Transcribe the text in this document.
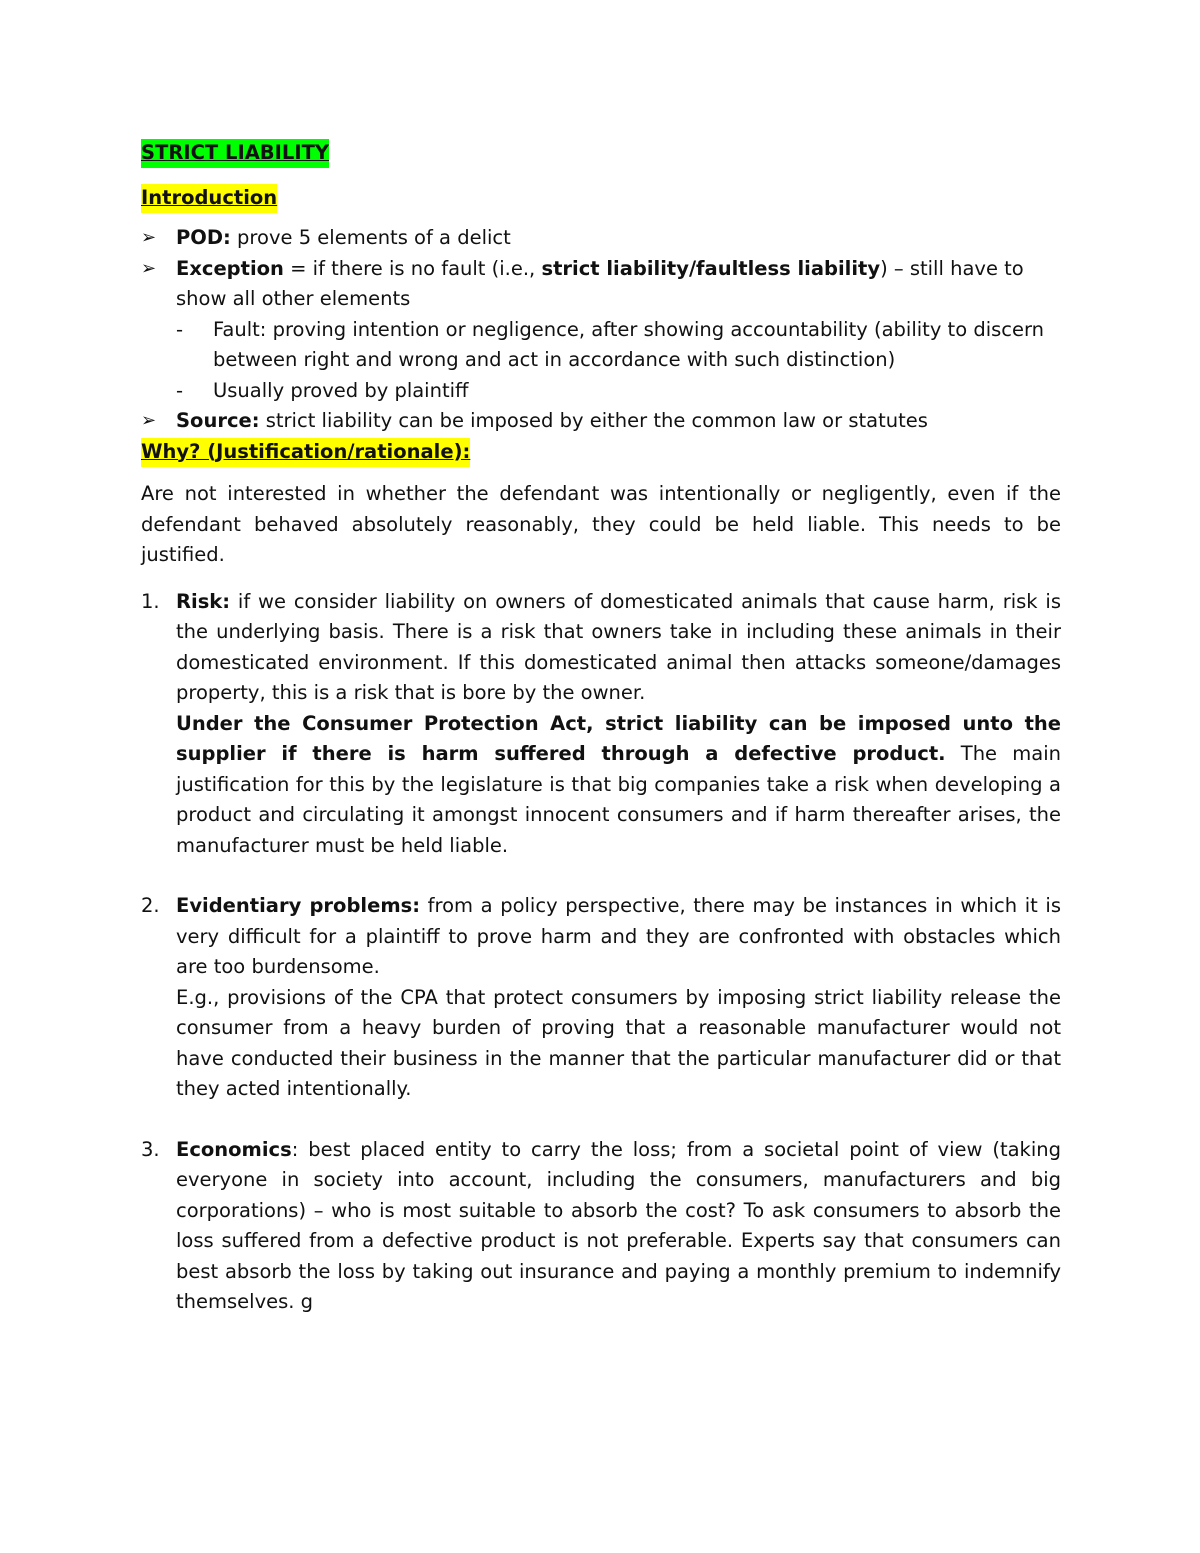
STRICT LIABILITY

Introduction

➢ POD: prove 5 elements of a delict
➢ Exception = if there is no fault (i.e., strict liability/faultless liability) – still have to show all other elements
- Fault: proving intention or negligence, after showing accountability (ability to discern between right and wrong and act in accordance with such distinction)
- Usually proved by plaintiff
➢ Source: strict liability can be imposed by either the common law or statutes

Why? (Justification/rationale):

Are not interested in whether the defendant was intentionally or negligently, even if the defendant behaved absolutely reasonably, they could be held liable. This needs to be justified.

1. Risk: if we consider liability on owners of domesticated animals that cause harm, risk is the underlying basis. There is a risk that owners take in including these animals in their domesticated environment. If this domesticated animal then attacks someone/damages property, this is a risk that is bore by the owner.
Under the Consumer Protection Act, strict liability can be imposed unto the supplier if there is harm suffered through a defective product. The main justification for this by the legislature is that big companies take a risk when developing a product and circulating it amongst innocent consumers and if harm thereafter arises, the manufacturer must be held liable.
2. Evidentiary problems: from a policy perspective, there may be instances in which it is very difficult for a plaintiff to prove harm and they are confronted with obstacles which are too burdensome.
E.g., provisions of the CPA that protect consumers by imposing strict liability release the consumer from a heavy burden of proving that a reasonable manufacturer would not have conducted their business in the manner that the particular manufacturer did or that they acted intentionally.
3. Economics: best placed entity to carry the loss; from a societal point of view (taking everyone in society into account, including the consumers, manufacturers and big corporations) – who is most suitable to absorb the cost? To ask consumers to absorb the loss suffered from a defective product is not preferable. Experts say that consumers can best absorb the loss by taking out insurance and paying a monthly premium to indemnify themselves. g
